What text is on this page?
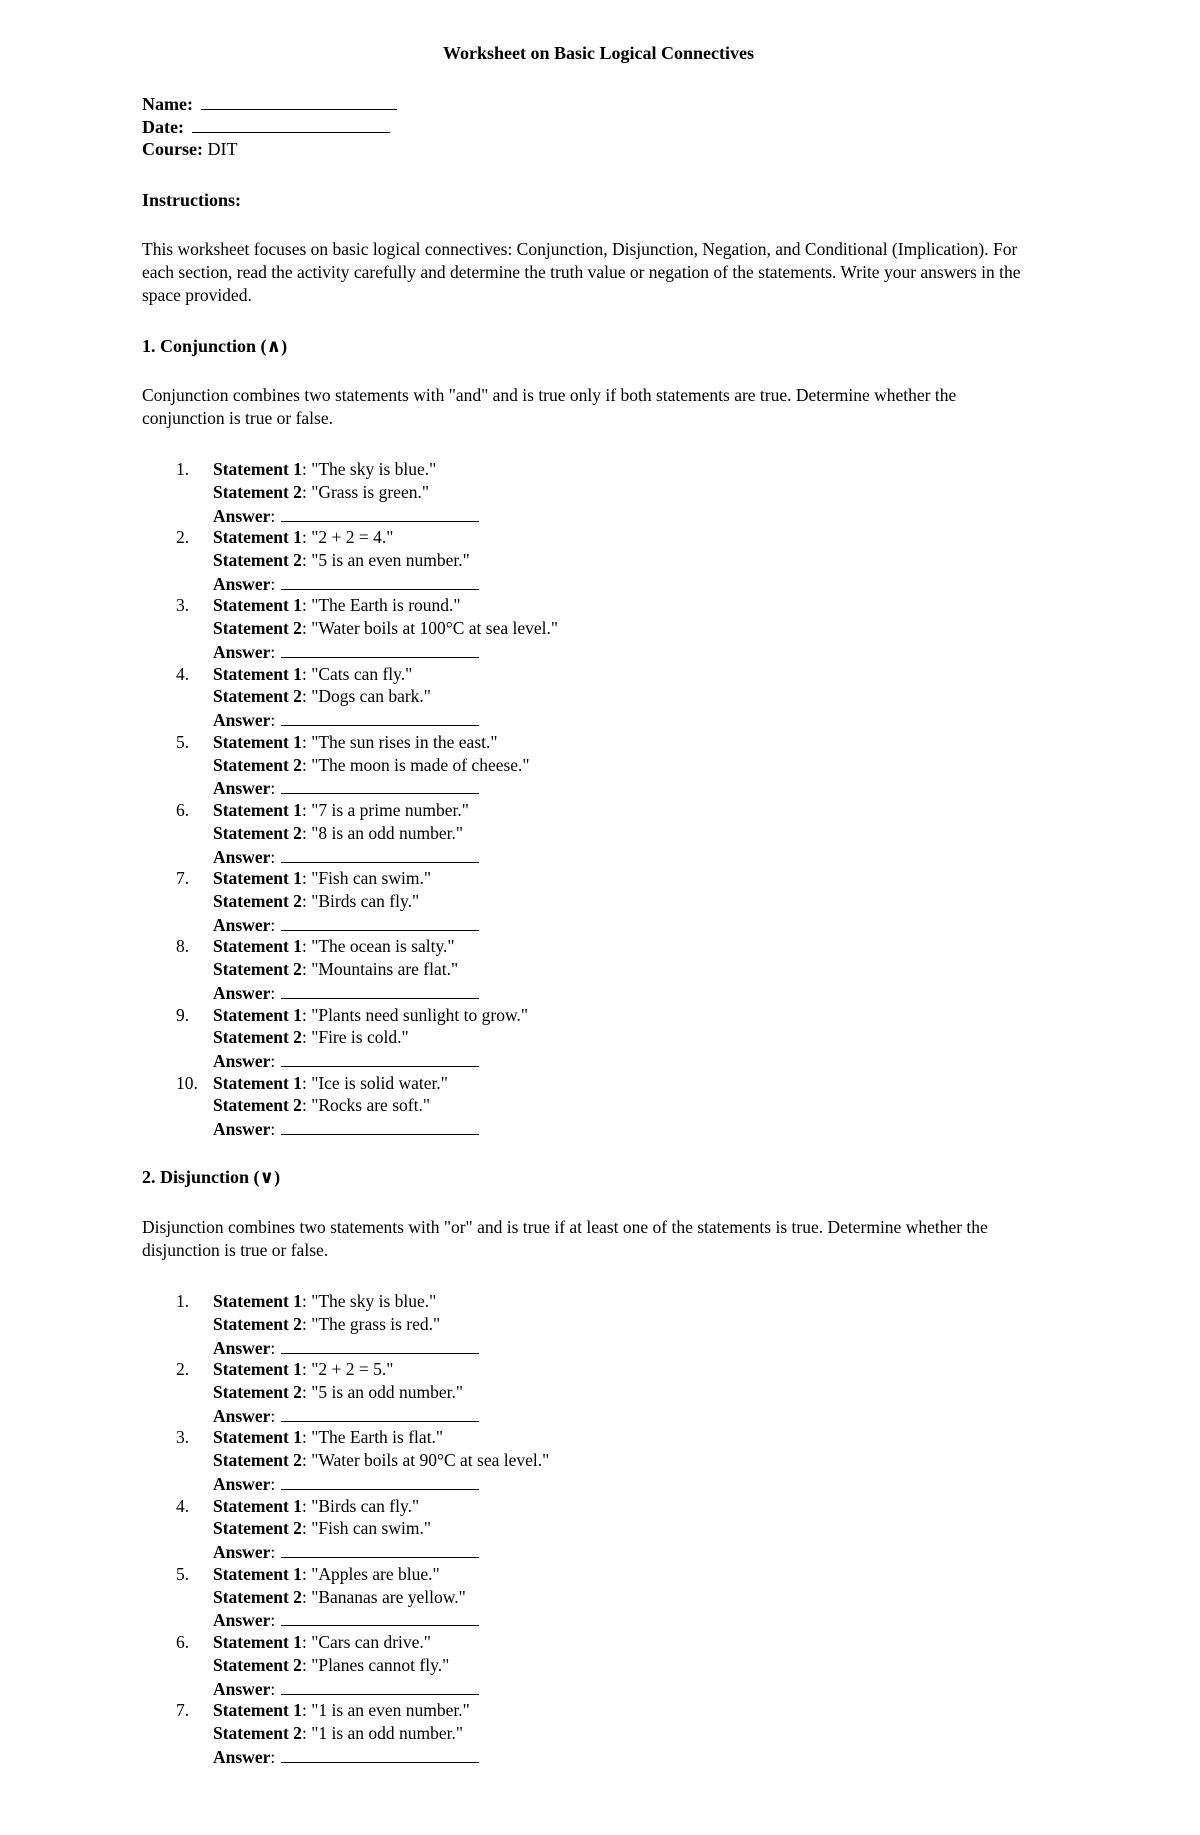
Worksheet on Basic Logical Connectives
Name:
Date:
Course: DIT
Instructions:
This worksheet focuses on basic logical connectives: Conjunction, Disjunction, Negation, and Conditional (Implication). For each section, read the activity carefully and determine the truth value or negation of the statements. Write your answers in the space provided.
1. Conjunction (∧)
Conjunction combines two statements with "and" and is true only if both statements are true. Determine whether the conjunction is true or false.
1.	Statement 1: "The sky is blue."
Statement 2: "Grass is green."
Answer:
2.	Statement 1: "2 + 2 = 4."
Statement 2: "5 is an even number."
Answer:
3.	Statement 1: "The Earth is round."
Statement 2: "Water boils at 100°C at sea level."
Answer:
4.	Statement 1: "Cats can fly."
Statement 2: "Dogs can bark."
Answer:
5.	Statement 1: "The sun rises in the east."
Statement 2: "The moon is made of cheese."
Answer:
6.	Statement 1: "7 is a prime number."
Statement 2: "8 is an odd number."
Answer:
7.	Statement 1: "Fish can swim."
Statement 2: "Birds can fly."
Answer:
8.	Statement 1: "The ocean is salty."
Statement 2: "Mountains are flat."
Answer:
9.	Statement 1: "Plants need sunlight to grow."
Statement 2: "Fire is cold."
Answer:
10. Statement 1: "Ice is solid water."
Statement 2: "Rocks are soft."
Answer:
2. Disjunction (∨)
Disjunction combines two statements with "or" and is true if at least one of the statements is true. Determine whether the disjunction is true or false.
1.	Statement 1: "The sky is blue."
Statement 2: "The grass is red."
Answer:
2.	Statement 1: "2 + 2 = 5."
Statement 2: "5 is an odd number."
Answer:
3.	Statement 1: "The Earth is flat."
Statement 2: "Water boils at 90°C at sea level."
Answer:
4.	Statement 1: "Birds can fly."
Statement 2: "Fish can swim."
Answer:
5.	Statement 1: "Apples are blue."
Statement 2: "Bananas are yellow."
Answer:
6.	Statement 1: "Cars can drive."
Statement 2: "Planes cannot fly."
Answer:
7.	Statement 1: "1 is an even number."
Statement 2: "1 is an odd number."
Answer:
